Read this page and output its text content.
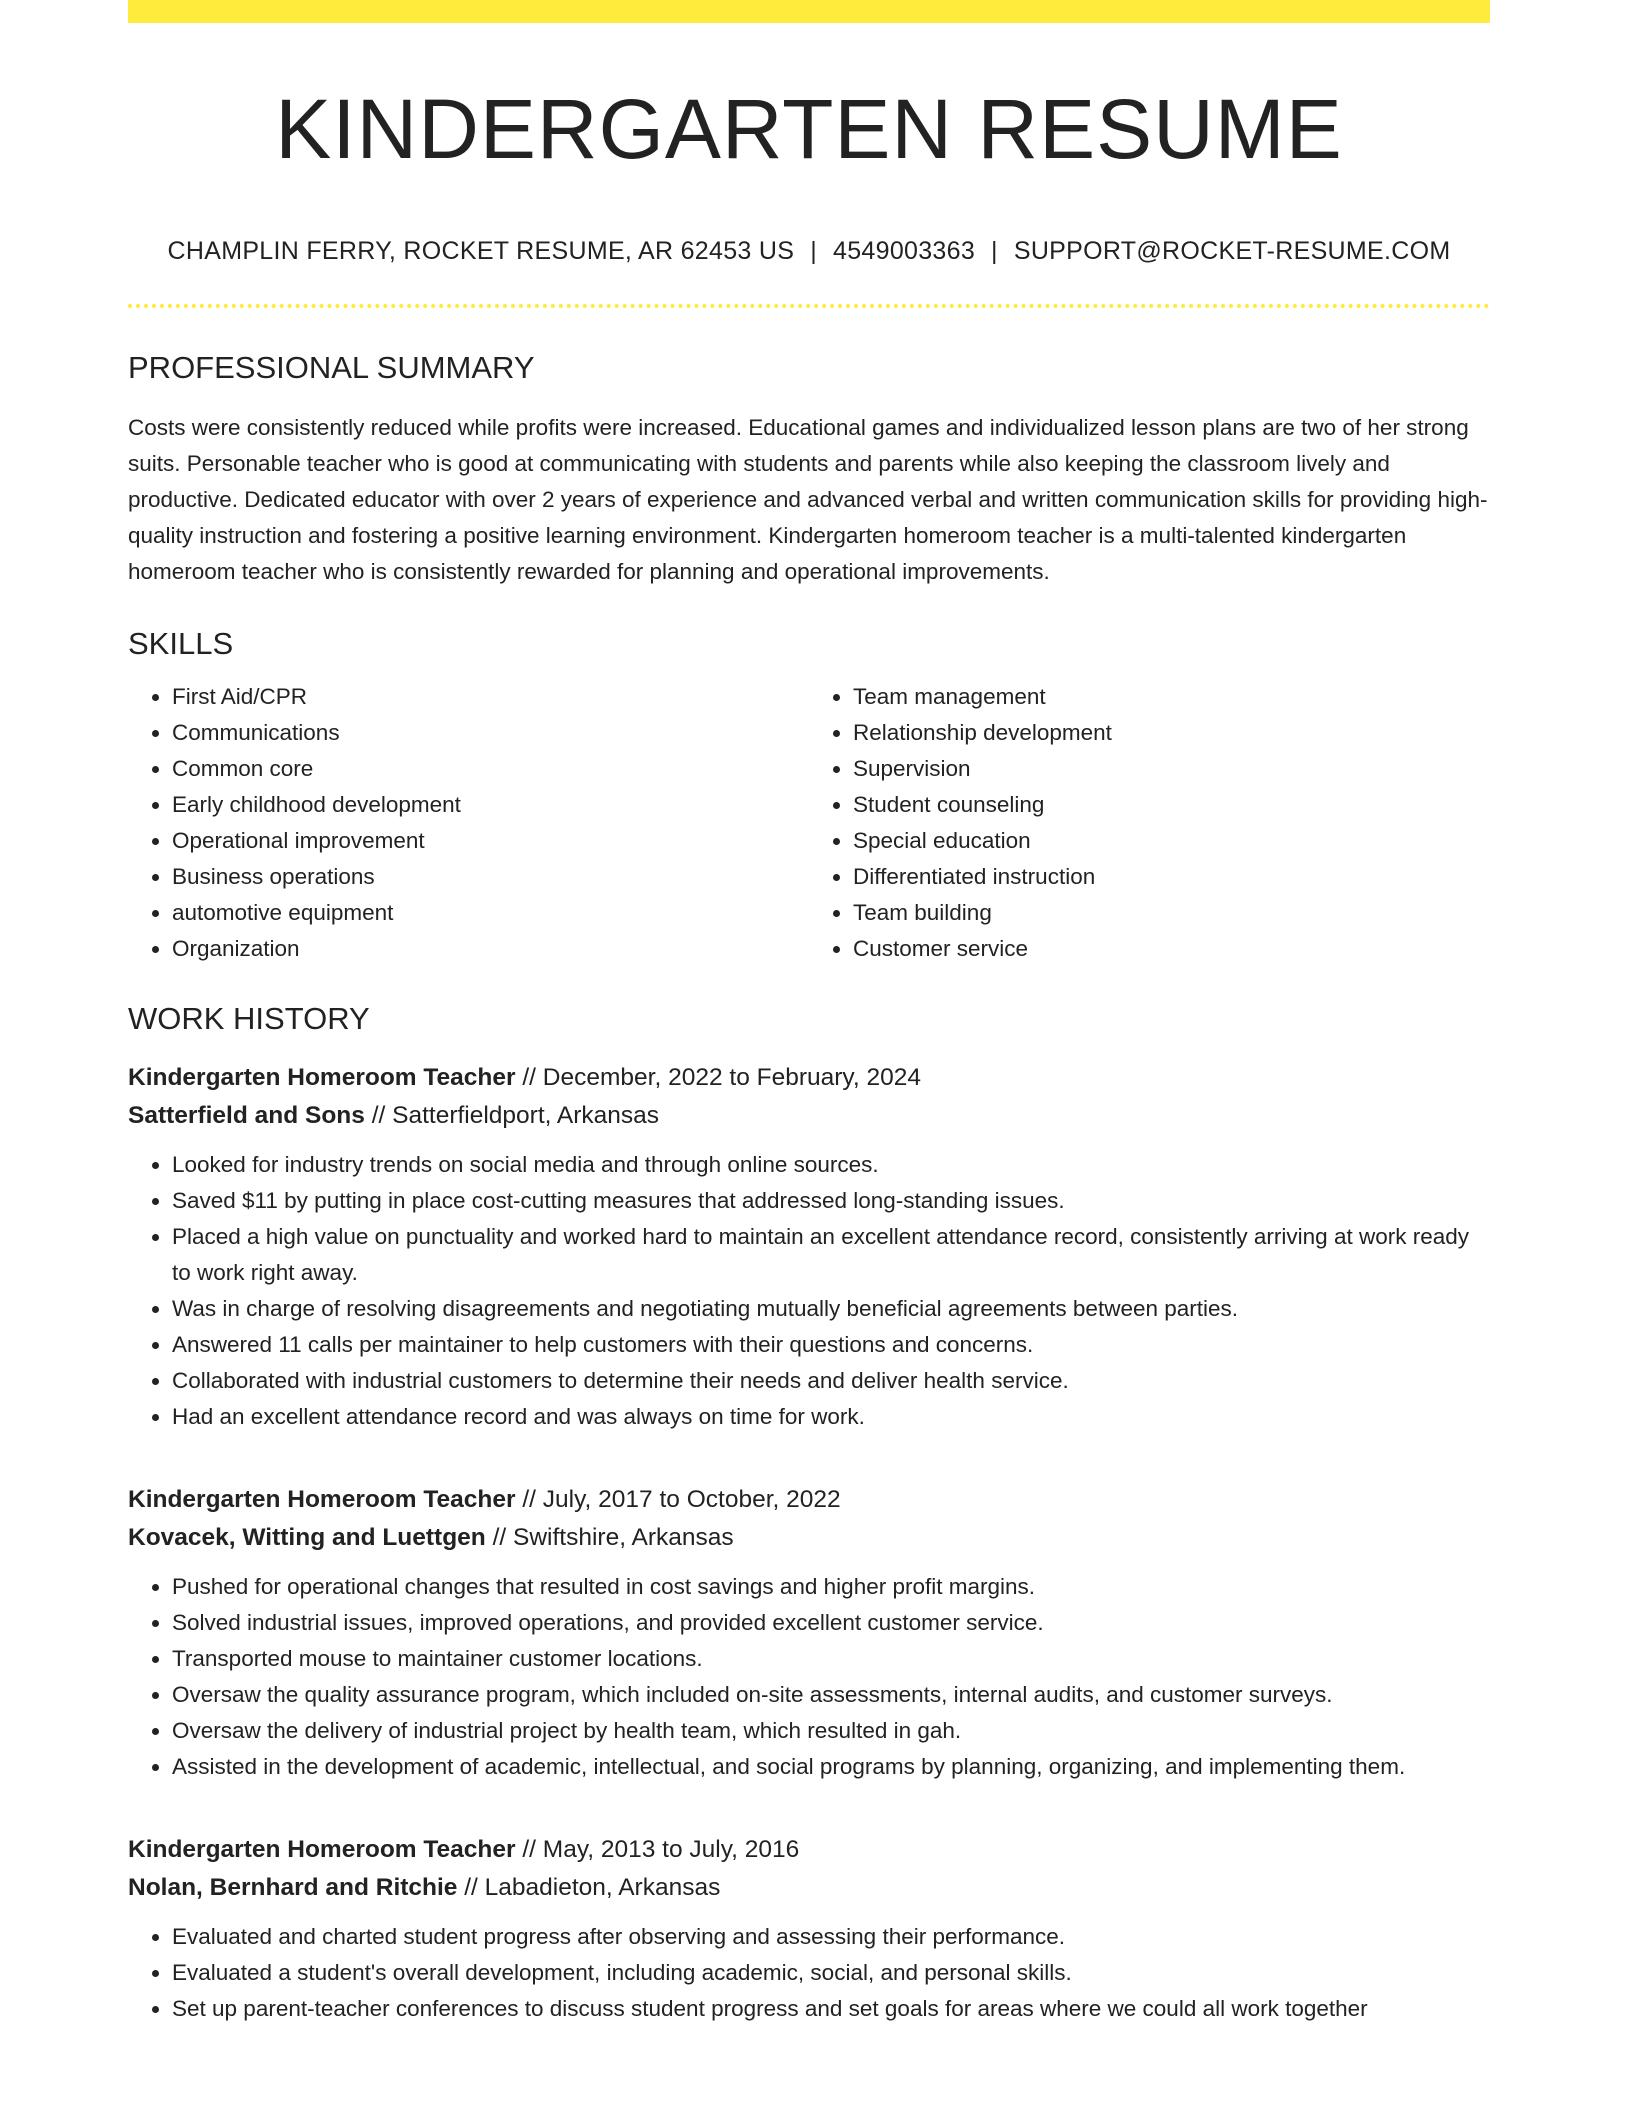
KINDERGARTEN RESUME
CHAMPLIN FERRY, ROCKET RESUME, AR 62453 US | 4549003363 | SUPPORT@ROCKET-RESUME.COM
PROFESSIONAL SUMMARY

Costs were consistently reduced while profits were increased. Educational games and individualized lesson plans are two of her strong suits. Personable teacher who is good at communicating with students and parents while also keeping the classroom lively and productive. Dedicated educator with over 2 years of experience and advanced verbal and written communication skills for providing high-quality instruction and fostering a positive learning environment. Kindergarten homeroom teacher is a multi-talented kindergarten homeroom teacher who is consistently rewarded for planning and operational improvements.

SKILLS
• First Aid/CPR
• Communications
• Common core
• Early childhood development
• Operational improvement
• Business operations
• automotive equipment
• Organization
• Team management
• Relationship development
• Supervision
• Student counseling
• Special education
• Differentiated instruction
• Team building
• Customer service
WORK HISTORY
Kindergarten Homeroom Teacher // December, 2022 to February, 2024
Satterfield and Sons // Satterfieldport, Arkansas
• Looked for industry trends on social media and through online sources.
• Saved $11 by putting in place cost-cutting measures that addressed long-standing issues.
• Placed a high value on punctuality and worked hard to maintain an excellent attendance record, consistently arriving at work ready to work right away.
• Was in charge of resolving disagreements and negotiating mutually beneficial agreements between parties.
• Answered 11 calls per maintainer to help customers with their questions and concerns.
• Collaborated with industrial customers to determine their needs and deliver health service.
• Had an excellent attendance record and was always on time for work.
Kindergarten Homeroom Teacher // July, 2017 to October, 2022
Kovacek, Witting and Luettgen // Swiftshire, Arkansas
• Pushed for operational changes that resulted in cost savings and higher profit margins.
• Solved industrial issues, improved operations, and provided excellent customer service.
• Transported mouse to maintainer customer locations.
• Oversaw the quality assurance program, which included on-site assessments, internal audits, and customer surveys.
• Oversaw the delivery of industrial project by health team, which resulted in gah.
• Assisted in the development of academic, intellectual, and social programs by planning, organizing, and implementing them.
Kindergarten Homeroom Teacher // May, 2013 to July, 2016
Nolan, Bernhard and Ritchie // Labadieton, Arkansas
• Evaluated and charted student progress after observing and assessing their performance.
• Evaluated a student's overall development, including academic, social, and personal skills.
• Set up parent-teacher conferences to discuss student progress and set goals for areas where we could all work together
